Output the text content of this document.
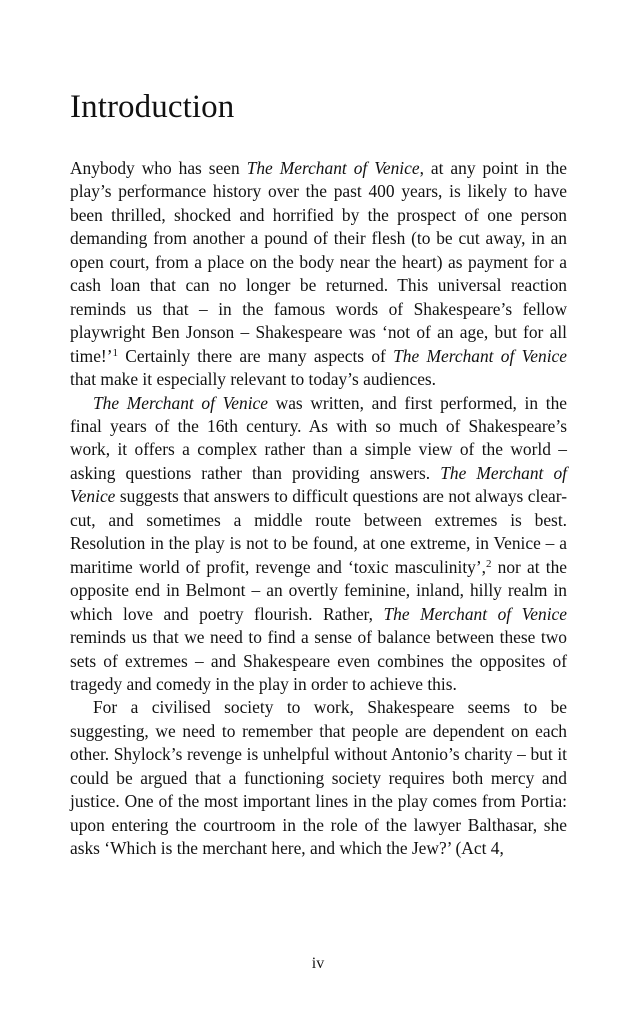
Introduction

Anybody who has seen The Merchant of Venice, at any point in the play’s performance history over the past 400 years, is likely to have been thrilled, shocked and horrified by the prospect of one person demanding from another a pound of their flesh (to be cut away, in an open court, from a place on the body near the heart) as payment for a cash loan that can no longer be returned. This universal reaction reminds us that – in the famous words of Shakespeare’s fellow playwright Ben Jonson – Shakespeare was ‘not of an age, but for all time!’$^1$ Certainly there are many aspects of The Merchant of Venice that make it especially relevant to today’s audiences.

The Merchant of Venice was written, and first performed, in the final years of the 16th century. As with so much of Shakespeare’s work, it offers a complex rather than a simple view of the world – asking questions rather than providing answers. The Merchant of Venice suggests that answers to difficult questions are not always clear-cut, and sometimes a middle route between extremes is best. Resolution in the play is not to be found, at one extreme, in Venice – a maritime world of profit, revenge and ‘toxic masculinity’,$^2$ nor at the opposite end in Belmont – an overtly feminine, inland, hilly realm in which love and poetry flourish. Rather, The Merchant of Venice reminds us that we need to find a sense of balance between these two sets of extremes – and Shakespeare even combines the opposites of tragedy and comedy in the play in order to achieve this.

For a civilised society to work, Shakespeare seems to be suggesting, we need to remember that people are dependent on each other. Shylock’s revenge is unhelpful without Antonio’s charity – but it could be argued that a functioning society requires both mercy and justice. One of the most important lines in the play comes from Portia: upon entering the courtroom in the role of the lawyer Balthasar, she asks ‘Which is the merchant here, and which the Jew?’ (Act 4,

iv
